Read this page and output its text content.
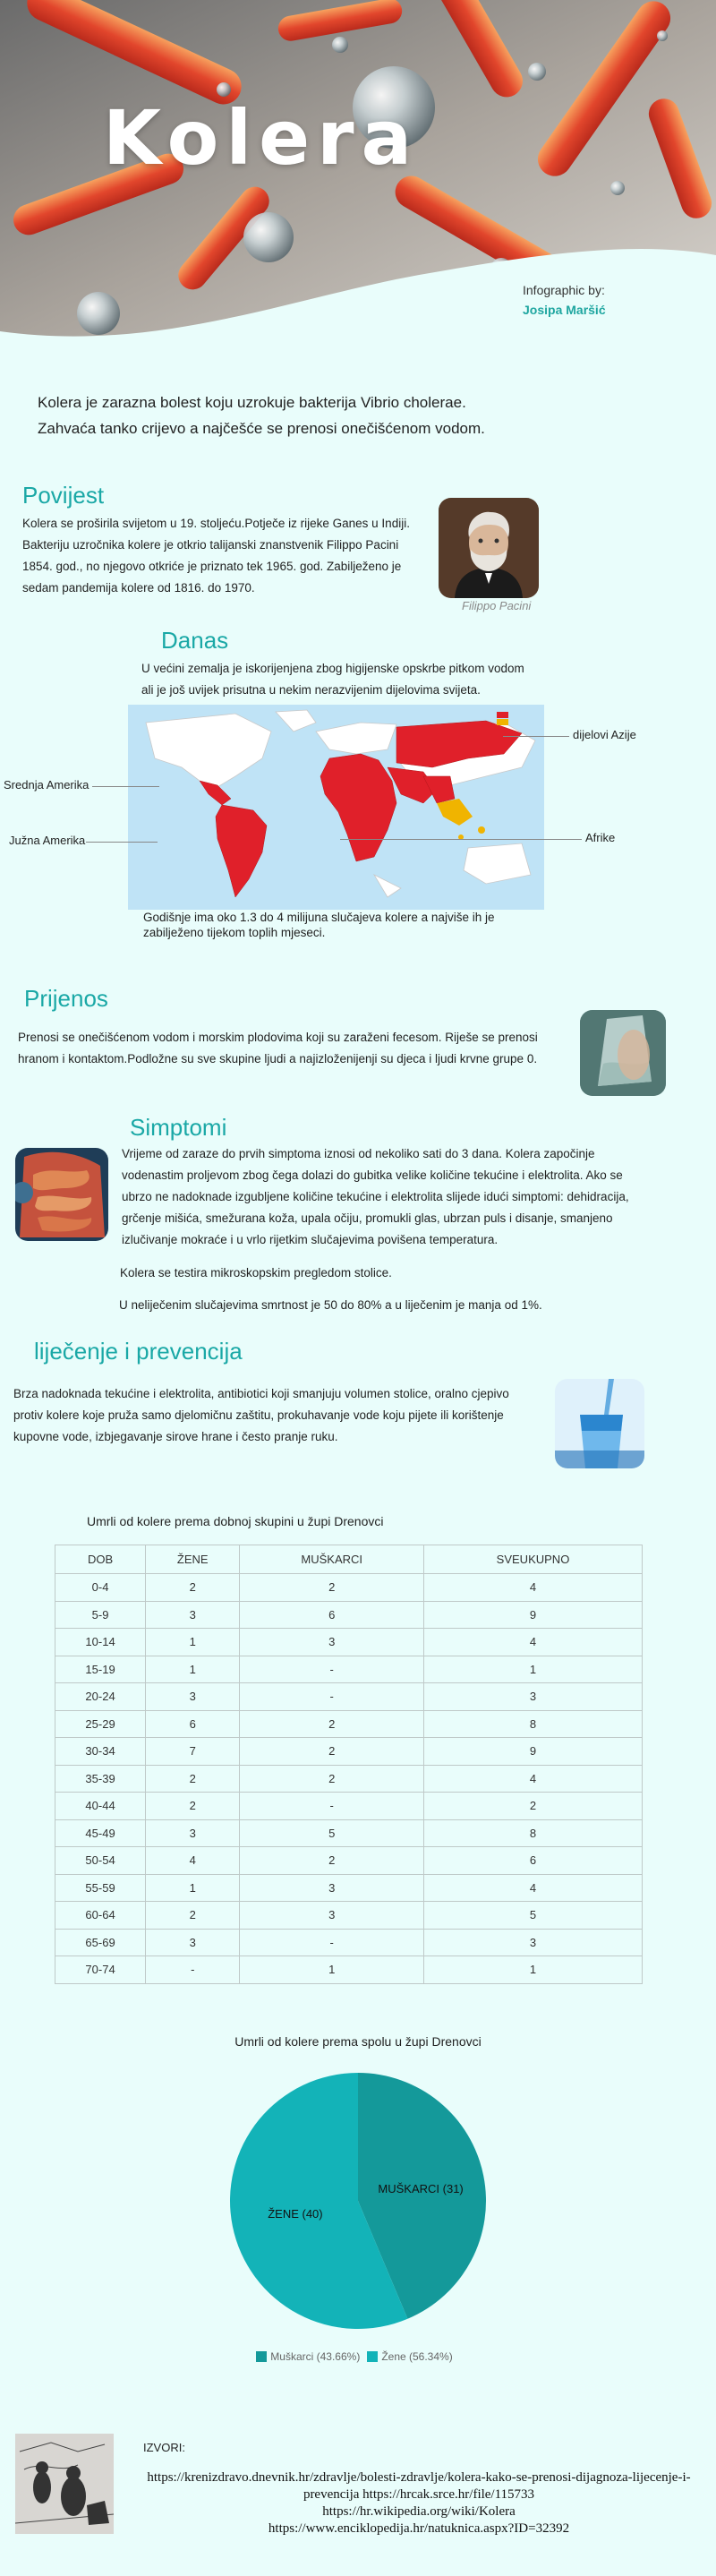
Kolera
Infographic by:
Josipa Maršić
Kolera je zarazna bolest koju uzrokuje bakterija Vibrio cholerae.
Zahvaća tanko crijevo a najčešće se prenosi onečišćenom vodom.
Povijest
Kolera se proširila svijetom u 19. stoljeću.Potječe iz rijeke Ganes u Indiji.
Bakteriju uzročnika kolere je otkrio talijanski znanstvenik Filippo Pacini
1854. god., no njegovo otkriće je priznato tek 1965. god. Zabilježeno je
sedam pandemija kolere od 1816. do 1970.
Filippo Pacini
Danas
U većini zemalja je iskorijenjena zbog higijenske opskrbe pitkom vodom
ali je još uvijek prisutna u nekim nerazvijenim dijelovima svijeta.
Srednja Amerika
Južna Amerika
dijelovi Azije
Afrike
Godišnje ima oko 1.3 do 4 milijuna slučajeva kolere a najviše ih je
zabilježeno tijekom toplih mjeseci.
Prijenos
Prenosi se onečišćenom vodom i morskim plodovima koji su zaraženi fecesom. Riješe se prenosi
hranom i kontaktom.Podložne su sve skupine ljudi a najizloženijenji su djeca i ljudi krvne grupe 0.
Simptomi
Vrijeme od zaraze do prvih simptoma iznosi od nekoliko sati do 3 dana. Kolera započinje
vodenastim proljevom zbog čega dolazi do gubitka velike količine tekućine i elektrolita. Ako se
ubrzo ne nadoknade izgubljene količine tekućine i elektrolita slijede idući simptomi: dehidracija,
grčenje mišića, smežurana koža, upala očiju, promukli glas, ubrzan puls i disanje, smanjeno
izlučivanje mokraće i u vrlo rijetkim slučajevima povišena temperatura.
Kolera se testira mikroskopskim pregledom stolice.
U neliječenim slučajevima smrtnost je 50 do 80% a u liječenim je manja od 1%.
liječenje i prevencija
Brza nadoknada tekućine i elektrolita, antibiotici koji smanjuju volumen stolice, oralno cjepivo
protiv kolere koje pruža samo djelomičnu zaštitu, prokuhavanje vode koju pijete ili korištenje
kupovne vode, izbjegavanje sirove hrane i često pranje ruku.
Umrli od kolere prema dobnoj skupini u župi Drenovci
DOB	ŽENE	MUŠKARCI	SVEUKUPNO
0-4	2	2	4
5-9	3	6	9
10-14	1	3	4
15-19	1	-	1
20-24	3	-	3
25-29	6	2	8
30-34	7	2	9
35-39	2	2	4
40-44	2	-	2
45-49	3	5	8
50-54	4	2	6
55-59	1	3	4
60-64	2	3	5
65-69	3	-	3
70-74	-	1	1
Umrli od kolere prema spolu u župi Drenovci
MUŠKARCI (31)
ŽENE (40)
Muškarci (43.66%) Žene (56.34%)
IZVORI:
https://krenizdravo.dnevnik.hr/zdravlje/bolesti-zdravlje/kolera-kako-se-prenosi-dijagnoza-lijecenje-i-
prevencija https://hrcak.srce.hr/file/115733
https://hr.wikipedia.org/wiki/Kolera
https://www.enciklopedija.hr/natuknica.aspx?ID=32392
